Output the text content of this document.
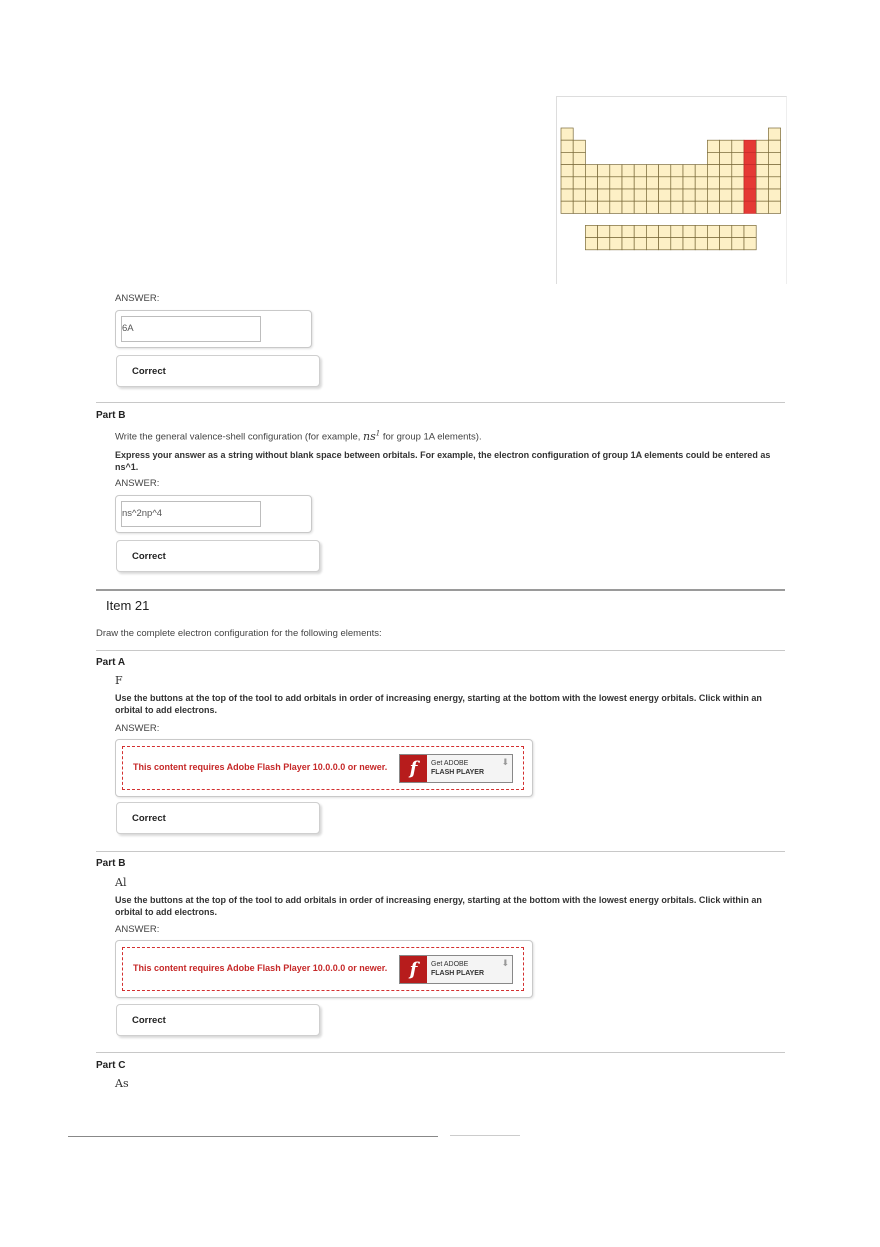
ANSWER:
6A
Correct
Part B
Write the general valence-shell configuration (for example, $ns^1$ for group 1A elements).
Express your answer as a string without blank space between orbitals. For example, the electron configuration of group 1A elements could be entered as ns^1.
ANSWER:
ns^2np^4
Correct
Item 21
Draw the complete electron configuration for the following elements:
Part A
F
Use the buttons at the top of the tool to add orbitals in order of increasing energy, starting at the bottom with the lowest energy orbitals. Click within an orbital to add electrons.
ANSWER:
This content requires Adobe Flash Player 10.0.0.0 or newer.	f	Get ADOBE
FLASH PLAYER
⬇
Correct
Part B
Al
Use the buttons at the top of the tool to add orbitals in order of increasing energy, starting at the bottom with the lowest energy orbitals. Click within an orbital to add electrons.
ANSWER:
This content requires Adobe Flash Player 10.0.0.0 or newer.	f	Get ADOBE
FLASH PLAYER
⬇
Correct
Part C
As
